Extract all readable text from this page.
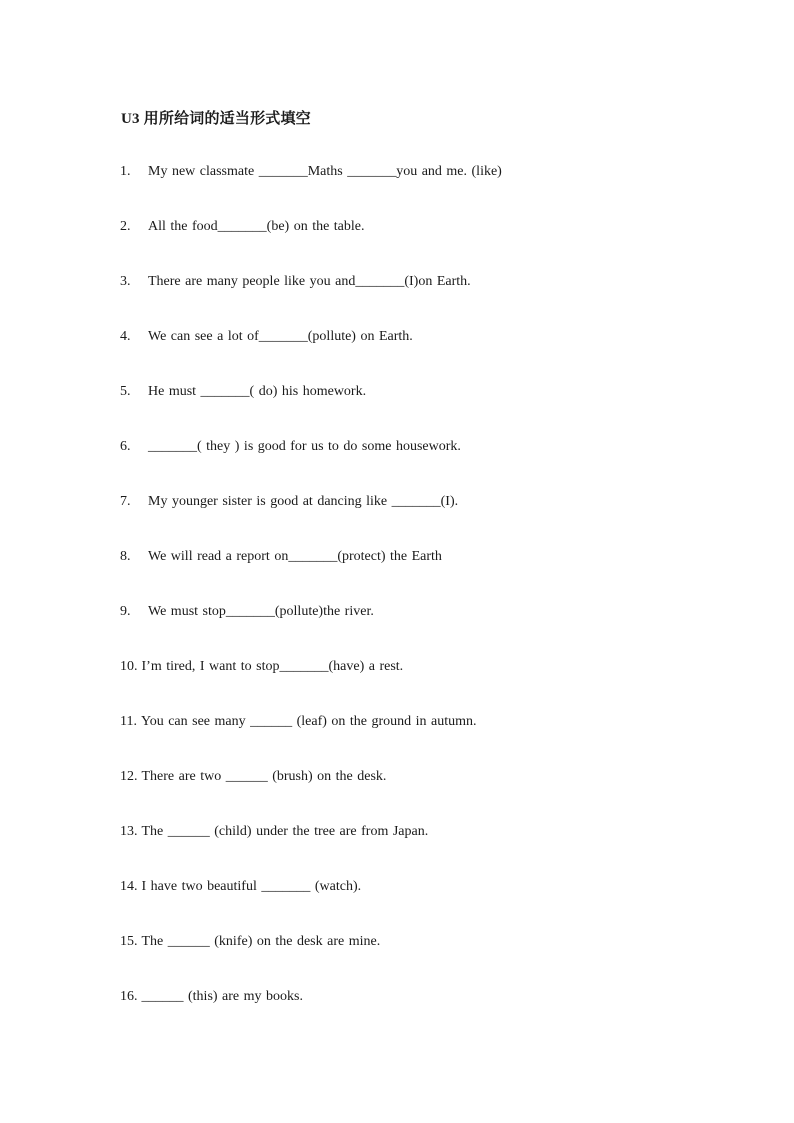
U3 用所给词的适当形式填空
1. My new classmate _______Maths _______you and me. (like)
2. All the food_______(be) on the table.
3. There are many people like you and_______(I)on Earth.
4. We can see a lot of_______(pollute) on Earth.
5. He must _______( do) his homework.
6. _______( they ) is good for us to do some housework.
7. My younger sister is good at dancing like _______(I).
8. We will read a report on_______(protect) the Earth
9. We must stop_______(pollute)the river.
10. I’m tired, I want to stop_______(have) a rest.
11. You can see many ______ (leaf) on the ground in autumn.
12. There are two ______ (brush) on the desk.
13. The ______ (child) under the tree are from Japan.
14. I have two beautiful _______ (watch).
15. The ______ (knife) on the desk are mine.
16. ______ (this) are my books.
